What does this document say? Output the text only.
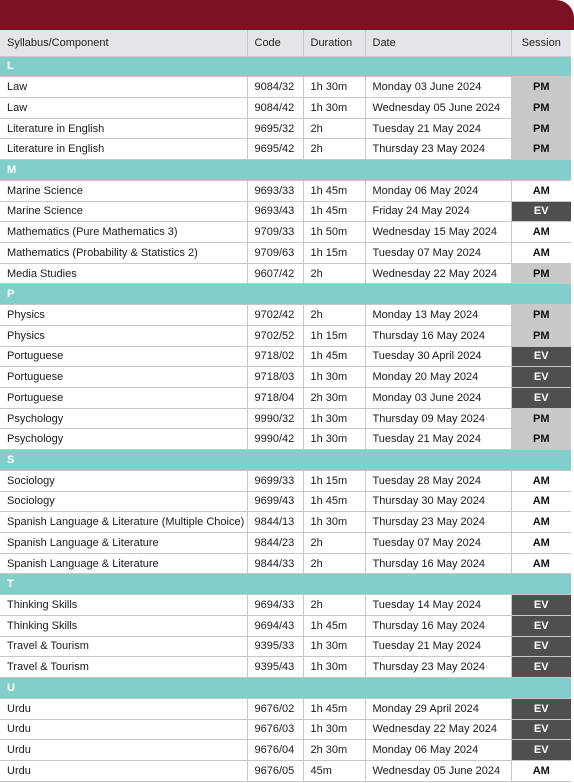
Syllabus/Component	Code	Duration	Date	Session
L				
Law	9084/32	1h 30m	Monday 03 June 2024	PM
Law	9084/42	1h 30m	Wednesday 05 June 2024	PM
Literature in English	9695/32	2h	Tuesday 21 May 2024	PM
Literature in English	9695/42	2h	Thursday 23 May 2024	PM
M				
Marine Science	9693/33	1h 45m	Monday 06 May 2024	AM
Marine Science	9693/43	1h 45m	Friday 24 May 2024	EV
Mathematics (Pure Mathematics 3)	9709/33	1h 50m	Wednesday 15 May 2024	AM
Mathematics (Probability & Statistics 2)	9709/63	1h 15m	Tuesday 07 May 2024	AM
Media Studies	9607/42	2h	Wednesday 22 May 2024	PM
P				
Physics	9702/42	2h	Monday 13 May 2024	PM
Physics	9702/52	1h 15m	Thursday 16 May 2024	PM
Portuguese	9718/02	1h 45m	Tuesday 30 April 2024	EV
Portuguese	9718/03	1h 30m	Monday 20 May 2024	EV
Portuguese	9718/04	2h 30m	Monday 03 June 2024	EV
Psychology	9990/32	1h 30m	Thursday 09 May 2024	PM
Psychology	9990/42	1h 30m	Tuesday 21 May 2024	PM
S				
Sociology	9699/33	1h 15m	Tuesday 28 May 2024	AM
Sociology	9699/43	1h 45m	Thursday 30 May 2024	AM
Spanish Language & Literature (Multiple Choice)	9844/13	1h 30m	Thursday 23 May 2024	AM
Spanish Language & Literature	9844/23	2h	Tuesday 07 May 2024	AM
Spanish Language & Literature	9844/33	2h	Thursday 16 May 2024	AM
T				
Thinking Skills	9694/33	2h	Tuesday 14 May 2024	EV
Thinking Skills	9694/43	1h 45m	Thursday 16 May 2024	EV
Travel & Tourism	9395/33	1h 30m	Tuesday 21 May 2024	EV
Travel & Tourism	9395/43	1h 30m	Thursday 23 May 2024	EV
U				
Urdu	9676/02	1h 45m	Monday 29 April 2024	EV
Urdu	9676/03	1h 30m	Wednesday 22 May 2024	EV
Urdu	9676/04	2h 30m	Monday 06 May 2024	EV
Urdu	9676/05	45m	Wednesday 05 June 2024	AM
